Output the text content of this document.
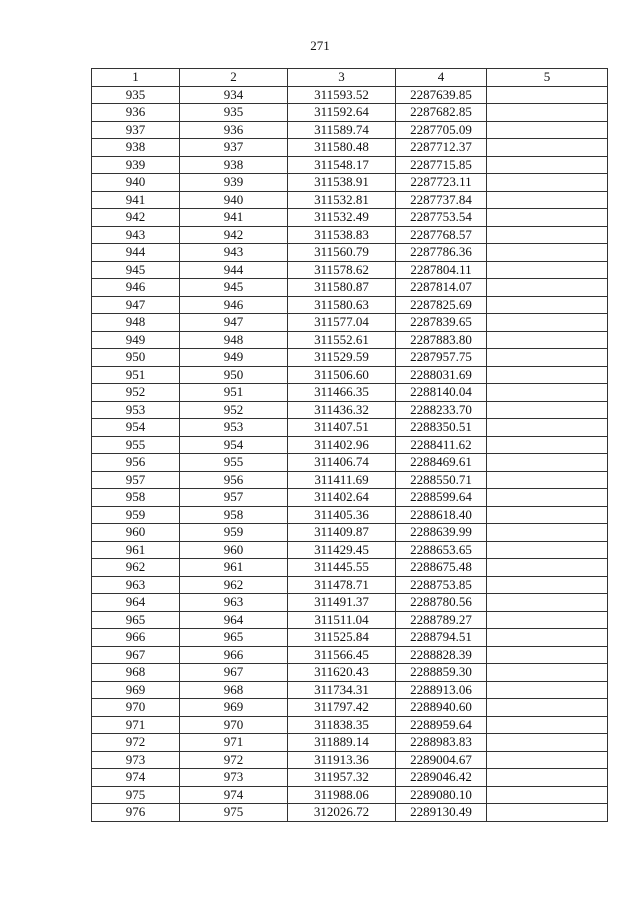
271
1	2	3	4	5
935	934	311593.52	2287639.85	
936	935	311592.64	2287682.85	
937	936	311589.74	2287705.09	
938	937	311580.48	2287712.37	
939	938	311548.17	2287715.85	
940	939	311538.91	2287723.11	
941	940	311532.81	2287737.84	
942	941	311532.49	2287753.54	
943	942	311538.83	2287768.57	
944	943	311560.79	2287786.36	
945	944	311578.62	2287804.11	
946	945	311580.87	2287814.07	
947	946	311580.63	2287825.69	
948	947	311577.04	2287839.65	
949	948	311552.61	2287883.80	
950	949	311529.59	2287957.75	
951	950	311506.60	2288031.69	
952	951	311466.35	2288140.04	
953	952	311436.32	2288233.70	
954	953	311407.51	2288350.51	
955	954	311402.96	2288411.62	
956	955	311406.74	2288469.61	
957	956	311411.69	2288550.71	
958	957	311402.64	2288599.64	
959	958	311405.36	2288618.40	
960	959	311409.87	2288639.99	
961	960	311429.45	2288653.65	
962	961	311445.55	2288675.48	
963	962	311478.71	2288753.85	
964	963	311491.37	2288780.56	
965	964	311511.04	2288789.27	
966	965	311525.84	2288794.51	
967	966	311566.45	2288828.39	
968	967	311620.43	2288859.30	
969	968	311734.31	2288913.06	
970	969	311797.42	2288940.60	
971	970	311838.35	2288959.64	
972	971	311889.14	2288983.83	
973	972	311913.36	2289004.67	
974	973	311957.32	2289046.42	
975	974	311988.06	2289080.10	
976	975	312026.72	2289130.49	
